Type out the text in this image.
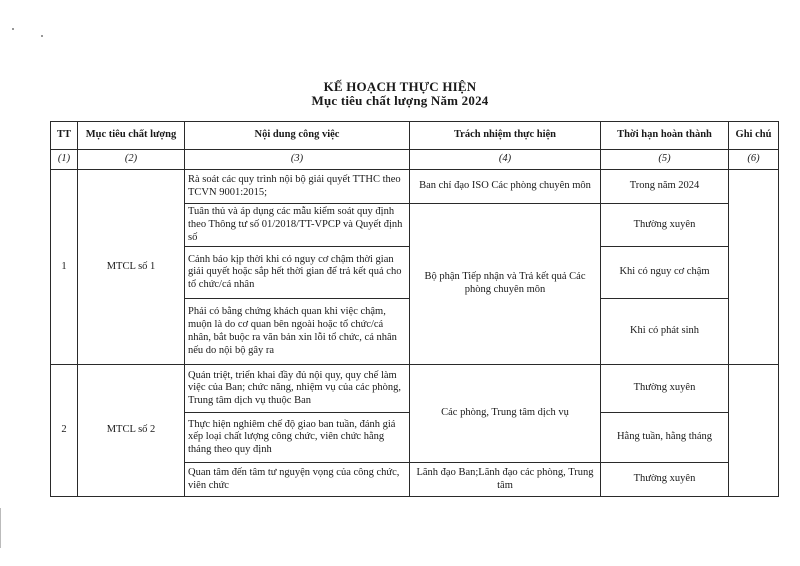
KẾ HOẠCH THỰC HIỆN
Mục tiêu chất lượng Năm 2024
TT	Mục tiêu chất lượng	Nội dung công việc	Trách nhiệm thực hiện	Thời hạn hoàn thành	Ghi chú
(1)	(2)	(3)	(4)	(5)	(6)
1	MTCL số 1	Rà soát các quy trình nội bộ giải quyết TTHC theo TCVN 9001:2015;	Ban chỉ đạo ISO Các phòng chuyên môn	Trong năm 2024	
		Tuân thủ và áp dụng các mẫu kiểm soát quy định theo Thông tư số 01/2018/TT-VPCP và Quyết định số	Bộ phận Tiếp nhận và Trả kết quả Các phòng chuyên môn	Thường xuyên	
		Cảnh báo kịp thời khi có nguy cơ chậm thời gian giải quyết hoặc sắp hết thời gian để trả kết quả cho tổ chức/cá nhân		Khi có nguy cơ chậm	
		Phải có bằng chứng khách quan khi việc chậm, muộn là do cơ quan bên ngoài hoặc tổ chức/cá nhân, bắt buộc ra văn bản xin lỗi tổ chức, cá nhân nếu do nội bộ gây ra		Khi có phát sinh	
2	MTCL số 2	Quán triệt, triển khai đầy đủ nội quy, quy chế làm việc của Ban; chức năng, nhiệm vụ của các phòng, Trung tâm dịch vụ thuộc Ban	Các phòng, Trung tâm dịch vụ	Thường xuyên	
		Thực hiện nghiêm chế độ giao ban tuần, đánh giá xếp loại chất lượng công chức, viên chức hằng tháng theo quy định		Hằng tuần, hằng tháng	
		Quan tâm đến tâm tư nguyện vọng của công chức, viên chức	Lãnh đạo Ban;Lãnh đạo các phòng, Trung tâm	Thường xuyên	
